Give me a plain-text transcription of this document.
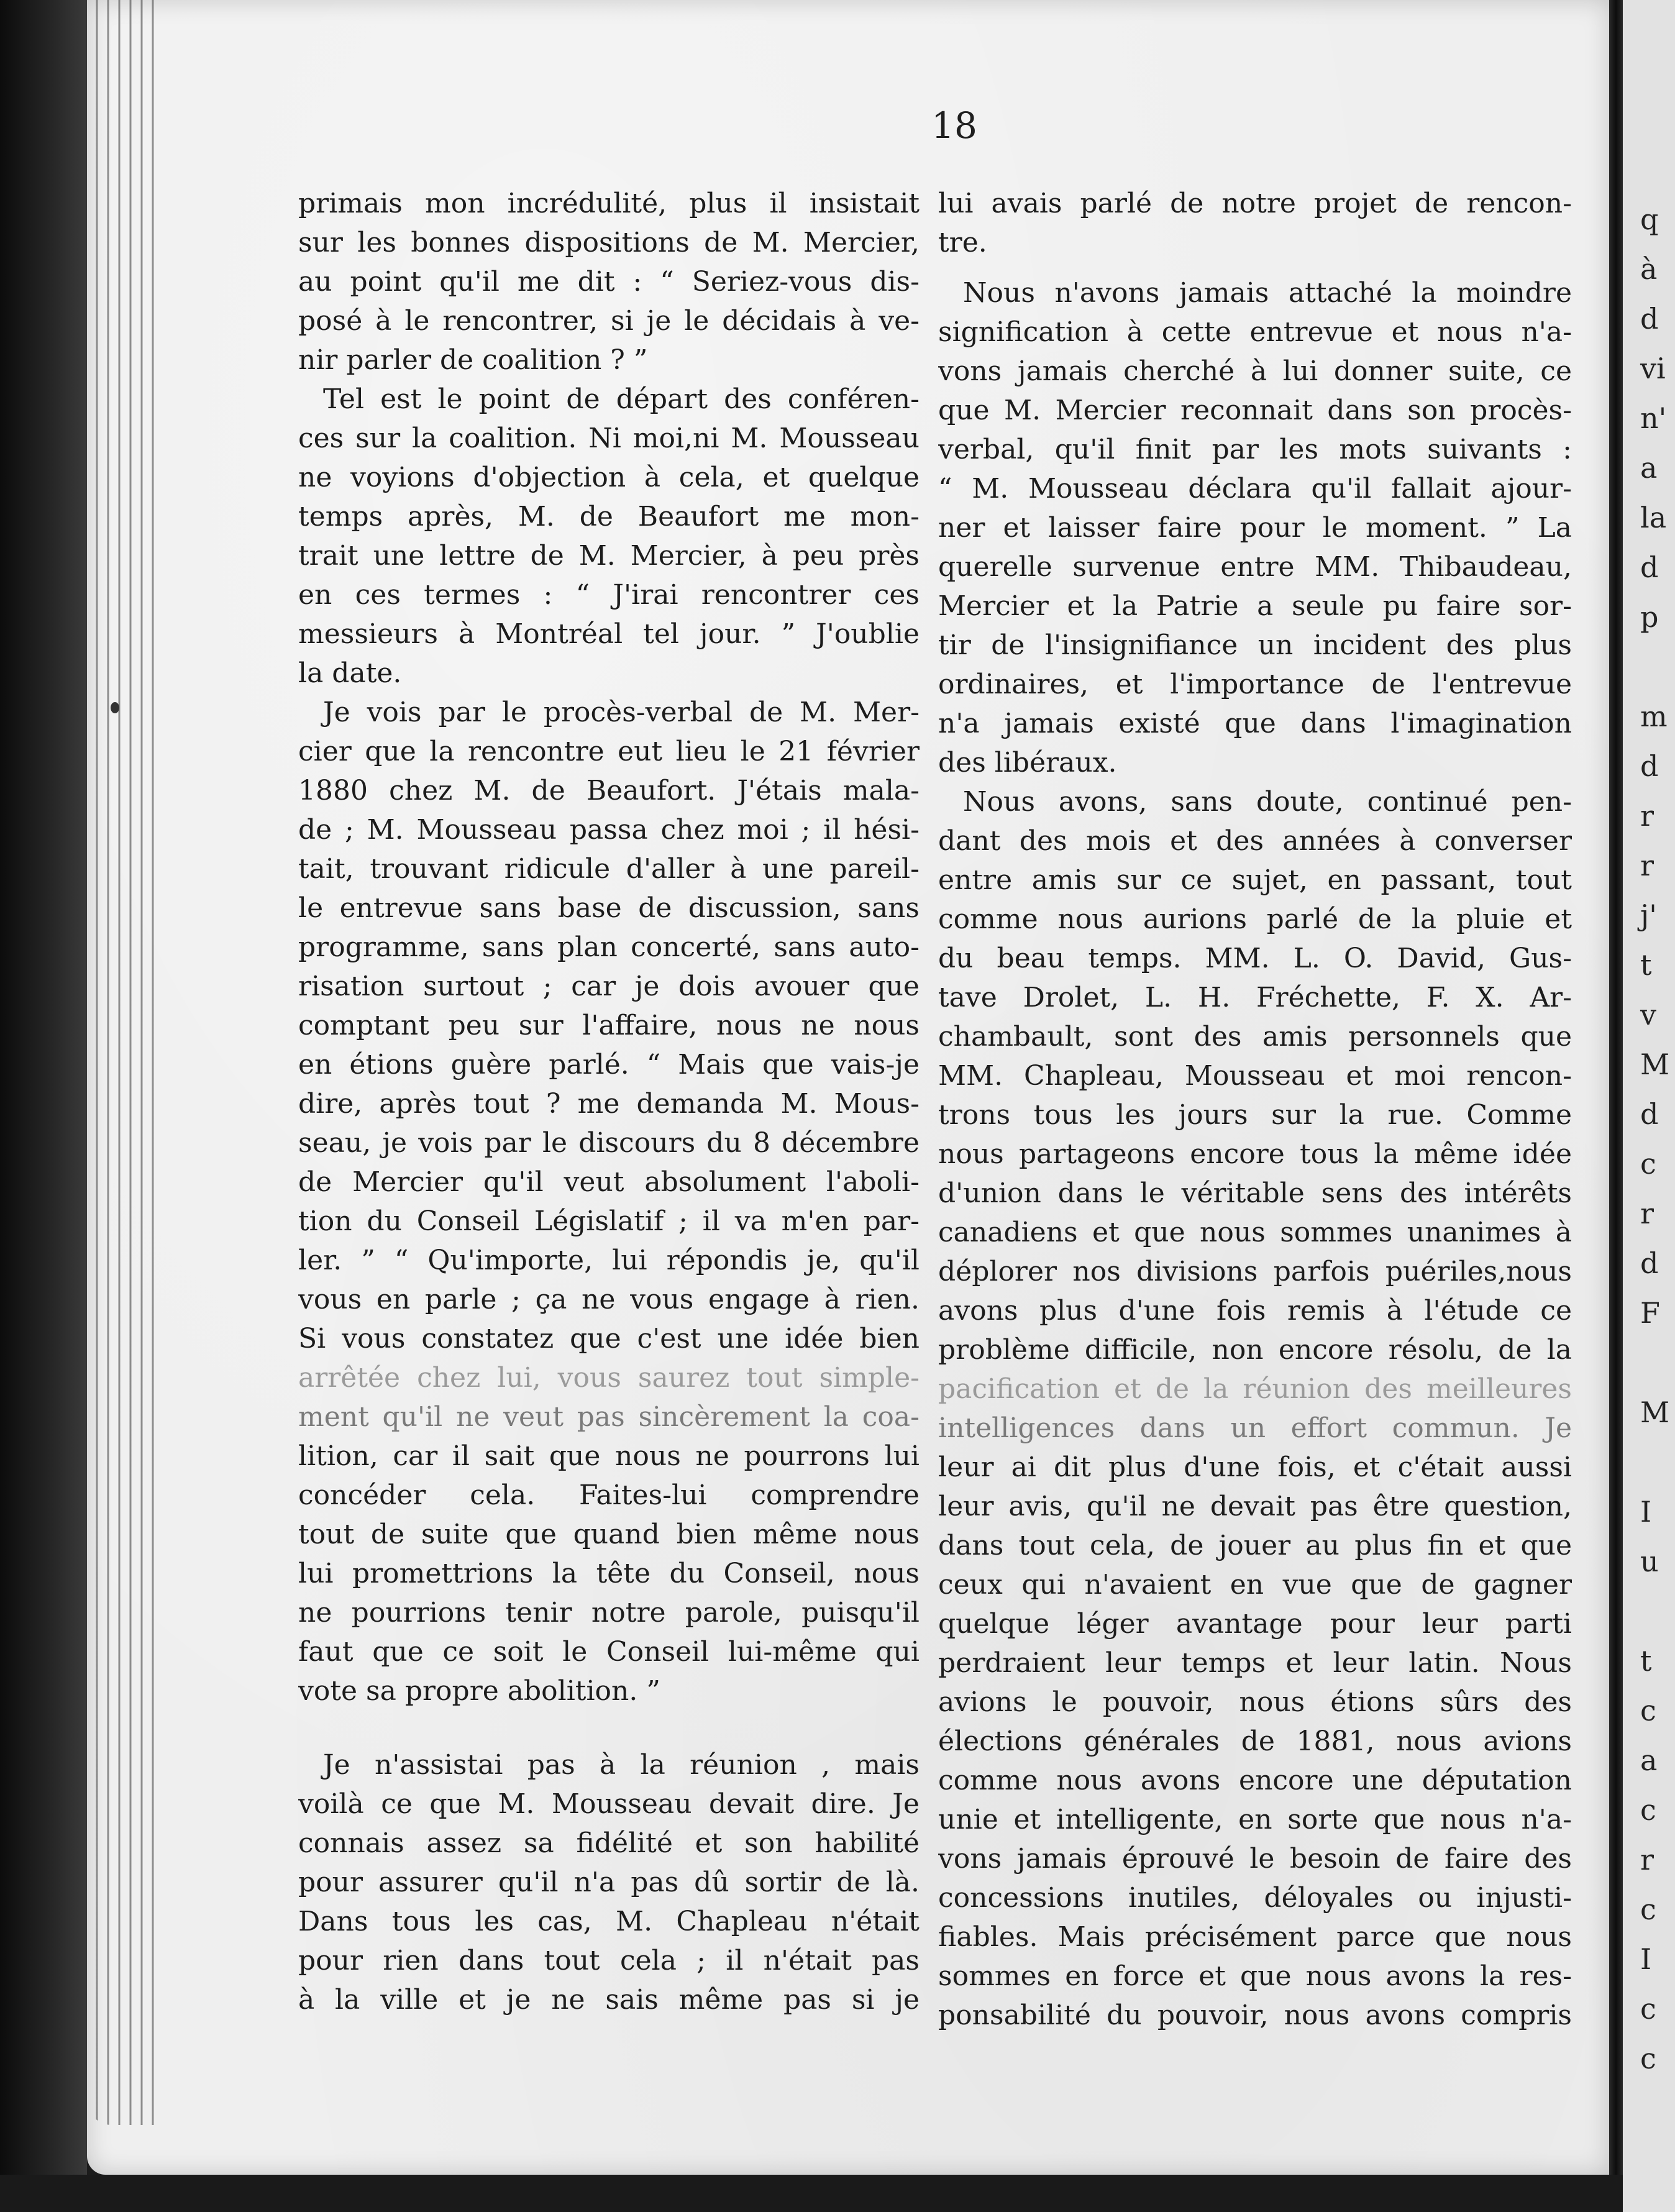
18
primais mon incrédulité, plus il insistait
sur les bonnes dispositions de M. Mercier,
au point qu'il me dit : “ Seriez-vous dis-
posé à le rencontrer, si je le décidais à ve-
nir parler de coalition ? ”
Tel est le point de départ des conféren-
ces sur la coalition. Ni moi,ni M. Mousseau
ne voyions d'objection à cela, et quelque
temps après, M. de Beaufort me mon-
trait une lettre de M. Mercier, à peu près
en ces termes : “ J'irai rencontrer ces
messieurs à Montréal tel jour. ” J'oublie
la date.
Je vois par le procès-verbal de M. Mer-
cier que la rencontre eut lieu le 21 février
1880 chez M. de Beaufort. J'étais mala-
de ; M. Mousseau passa chez moi ; il hési-
tait, trouvant ridicule d'aller à une pareil-
le entrevue sans base de discussion, sans
programme, sans plan concerté, sans auto-
risation surtout ; car je dois avouer que
comptant peu sur l'affaire, nous ne nous
en étions guère parlé. “ Mais que vais-je
dire, après tout ? me demanda M. Mous-
seau, je vois par le discours du 8 décembre
de Mercier qu'il veut absolument l'aboli-
tion du Conseil Législatif ; il va m'en par-
ler. ” “ Qu'importe, lui répondis je, qu'il
vous en parle ; ça ne vous engage à rien.
Si vous constatez que c'est une idée bien
arrêtée chez lui, vous saurez tout simple-
ment qu'il ne veut pas sincèrement la coa-
lition, car il sait que nous ne pourrons lui
concéder cela. Faites-lui comprendre
tout de suite que quand bien même nous
lui promettrions la tête du Conseil, nous
ne pourrions tenir notre parole, puisqu'il
faut que ce soit le Conseil lui-même qui
vote sa propre abolition. ”
Je n'assistai pas à la réunion , mais
voilà ce que M. Mousseau devait dire. Je
connais assez sa fidélité et son habilité
pour assurer qu'il n'a pas dû sortir de là.
Dans tous les cas, M. Chapleau n'était
pour rien dans tout cela ; il n'était pas
à la ville et je ne sais même pas si je
lui avais parlé de notre projet de rencon-
tre.
Nous n'avons jamais attaché la moindre
signification à cette entrevue et nous n'a-
vons jamais cherché à lui donner suite, ce
que M. Mercier reconnait dans son procès-
verbal, qu'il finit par les mots suivants :
“ M. Mousseau déclara qu'il fallait ajour-
ner et laisser faire pour le moment. ” La
querelle survenue entre MM. Thibaudeau,
Mercier et la Patrie a seule pu faire sor-
tir de l'insignifiance un incident des plus
ordinaires, et l'importance de l'entrevue
n'a jamais existé que dans l'imagination
des libéraux.
Nous avons, sans doute, continué pen-
dant des mois et des années à converser
entre amis sur ce sujet, en passant, tout
comme nous aurions parlé de la pluie et
du beau temps. MM. L. O. David, Gus-
tave Drolet, L. H. Fréchette, F. X. Ar-
chambault, sont des amis personnels que
MM. Chapleau, Mousseau et moi rencon-
trons tous les jours sur la rue. Comme
nous partageons encore tous la même idée
d'union dans le véritable sens des intérêts
canadiens et que nous sommes unanimes à
déplorer nos divisions parfois puériles,nous
avons plus d'une fois remis à l'étude ce
problème difficile, non encore résolu, de la
pacification et de la réunion des meilleures
intelligences dans un effort commun. Je
leur ai dit plus d'une fois, et c'était aussi
leur avis, qu'il ne devait pas être question,
dans tout cela, de jouer au plus fin et que
ceux qui n'avaient en vue que de gagner
quelque léger avantage pour leur parti
perdraient leur temps et leur latin. Nous
avions le pouvoir, nous étions sûrs des
élections générales de 1881, nous avions
comme nous avons encore une députation
unie et intelligente, en sorte que nous n'a-
vons jamais éprouvé le besoin de faire des
concessions inutiles, déloyales ou injusti-
fiables. Mais précisément parce que nous
sommes en force et que nous avons la res-
ponsabilité du pouvoir, nous avons compris
q
à
d
vi
n'
a
la
d
p
m
d
r
r
j'
t
v
M
d
c
r
d
F
M
I
u
t
c
a
c
r
c
I
c
c
